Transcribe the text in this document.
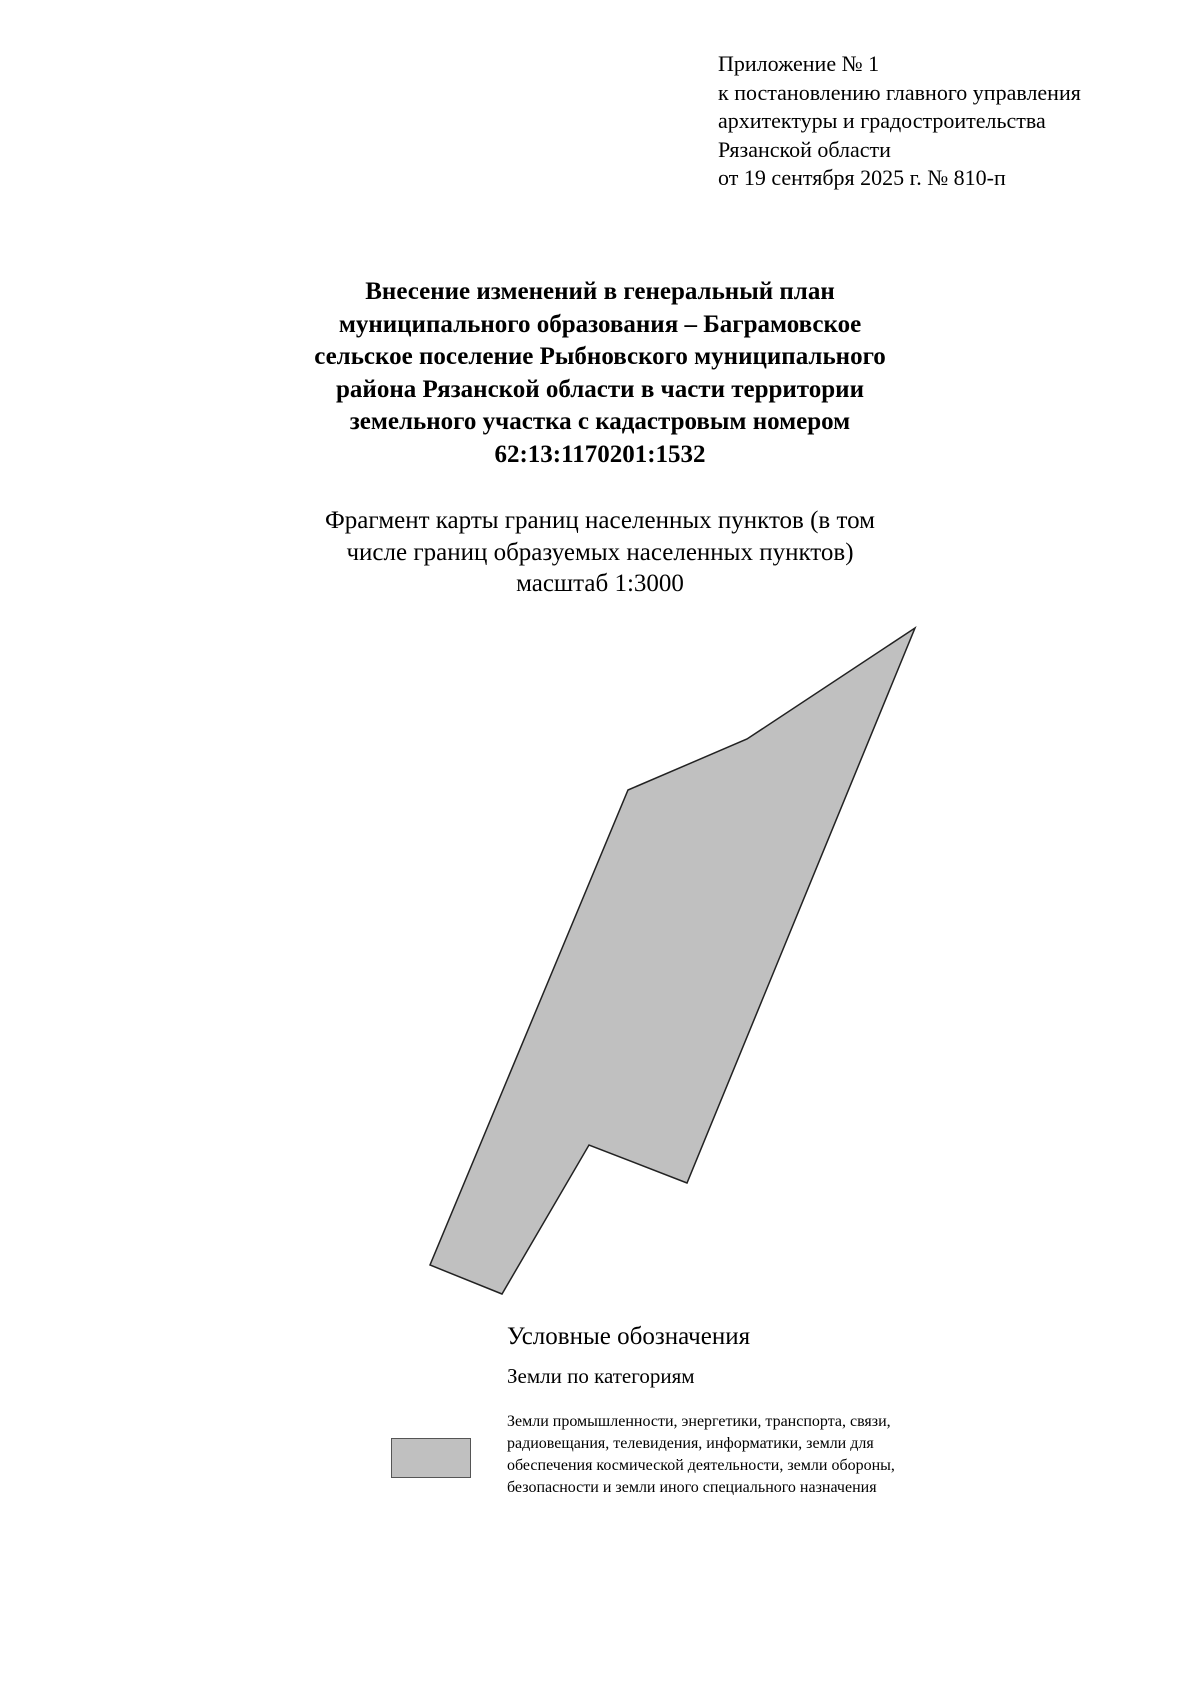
Приложение № 1
к постановлению главного управления
архитектуры и градостроительства
Рязанской области
от 19 сентября 2025 г. № 810-п
Внесение изменений в генеральный план
муниципального образования – Баграмовское
сельское поселение Рыбновского муниципального
района Рязанской области в части территории
земельного участка с кадастровым номером
62:13:1170201:1532
Фрагмент карты границ населенных пунктов (в том
числе границ образуемых населенных пунктов)
масштаб 1:3000
Условные обозначения
Земли по категориям
Земли промышленности, энергетики, транспорта, связи,
радиовещания, телевидения, информатики, земли для
обеспечения космической деятельности, земли обороны,
безопасности и земли иного специального назначения
